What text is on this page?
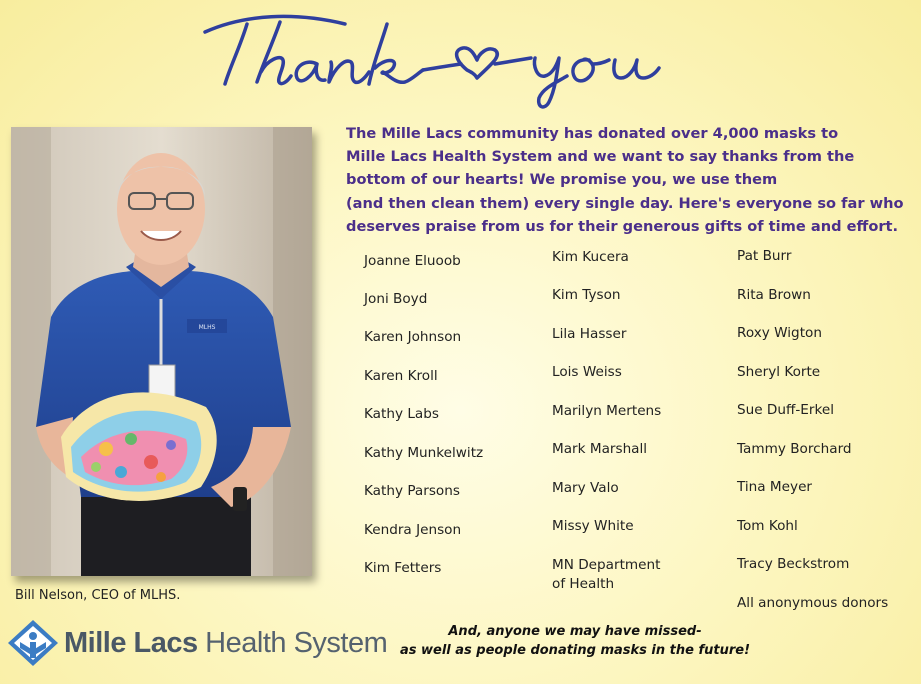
MLHS
Bill Nelson, CEO of MLHS.
Mille Lacs Health System
The Mille Lacs community has donated over 4,000 masks to
Mille Lacs Health System and we want to say thanks from the
bottom of our hearts! We promise you, we use them
(and then clean them) every single day. Here's everyone so far who
deserves praise from us for their generous gifts of time and effort.
Joanne Eluoob
Joni Boyd
Karen Johnson
Karen Kroll
Kathy Labs
Kathy Munkelwitz
Kathy Parsons
Kendra Jenson
Kim Fetters
Kim Kucera
Kim Tyson
Lila Hasser
Lois Weiss
Marilyn Mertens
Mark Marshall
Mary Valo
Missy White
MN Department
of Health
Pat Burr
Rita Brown
Roxy Wigton
Sheryl Korte
Sue Duff-Erkel
Tammy Borchard
Tina Meyer
Tom Kohl
Tracy Beckstrom
All anonymous donors
And, anyone we may have missed-
as well as people donating masks in the future!
